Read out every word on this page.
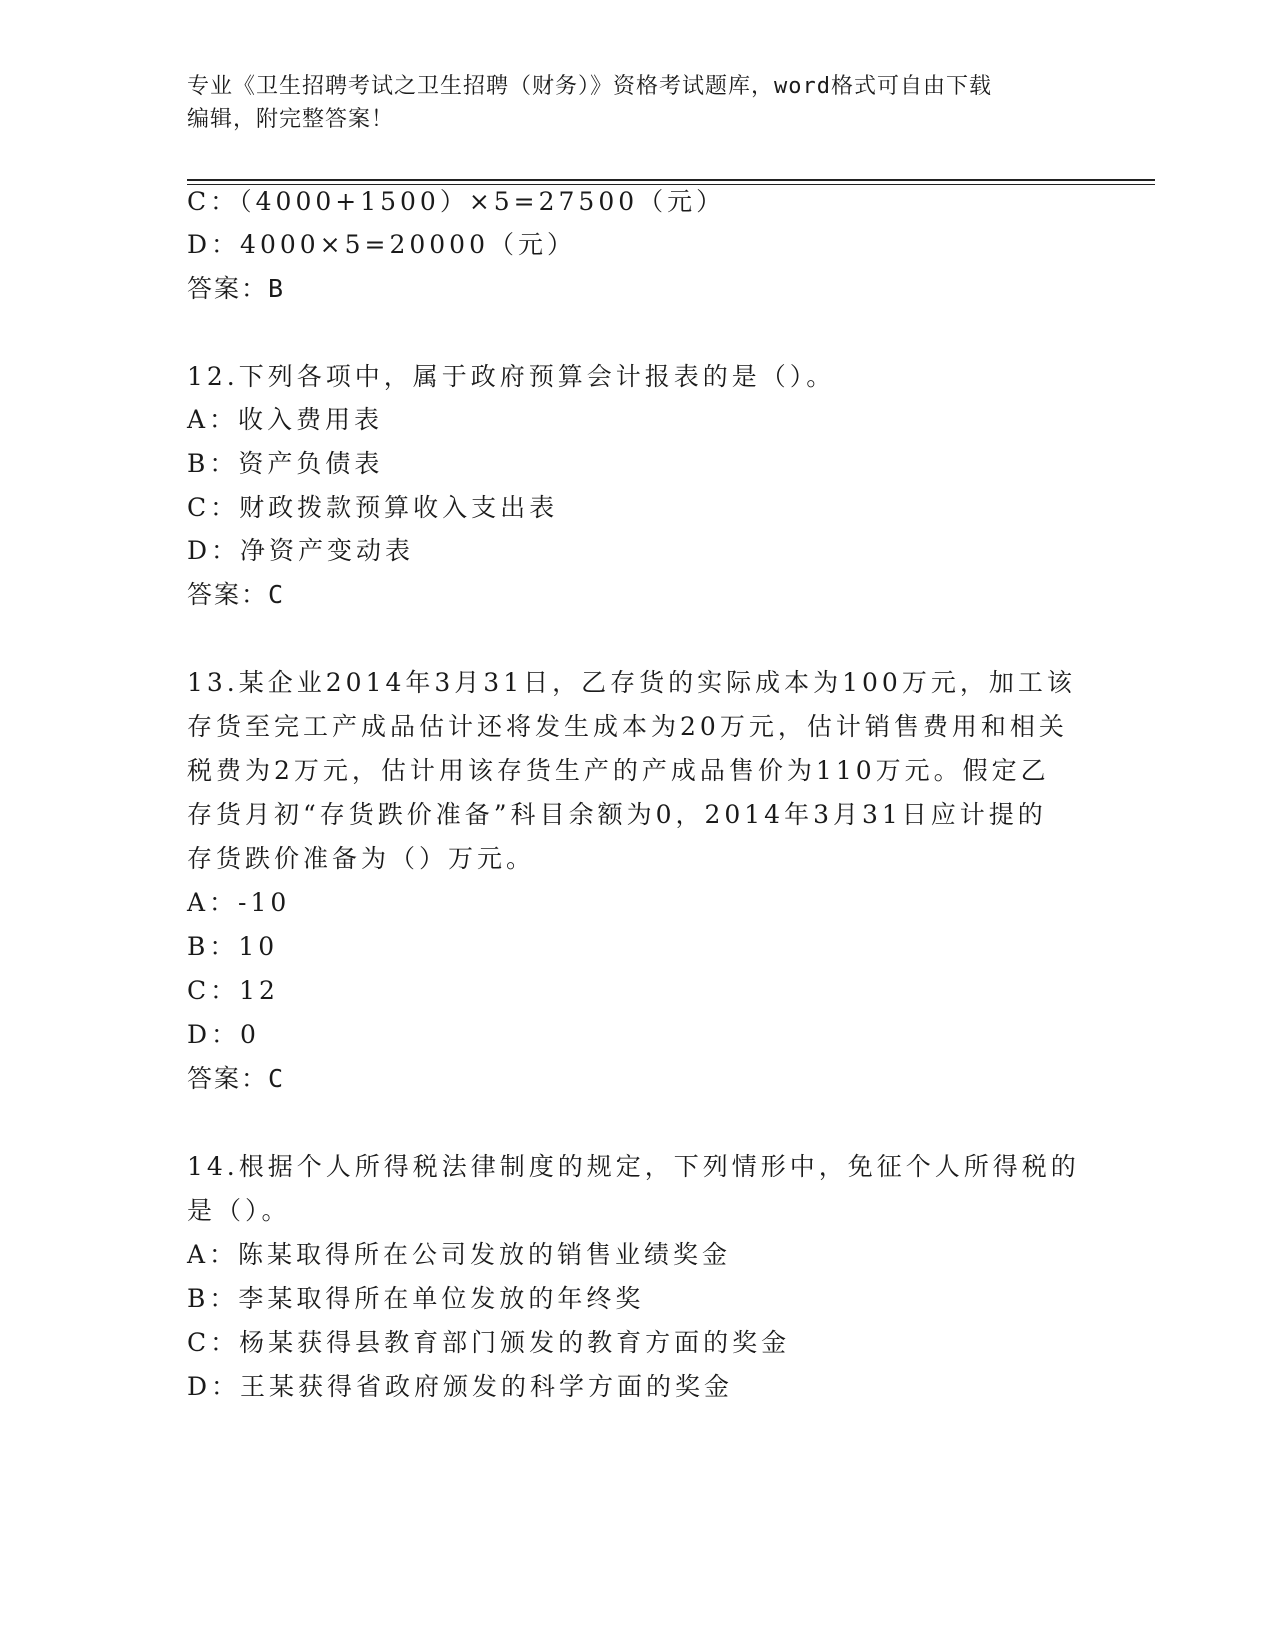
专业《卫生招聘考试之卫生招聘（财务）》资格考试题库，word格式可自由下载
编辑，附完整答案！
C：（4000+1500）×5=27500（元）
D：4000×5=20000（元）
答案：B
12.下列各项中，属于政府预算会计报表的是（）。
A：收入费用表
B：资产负债表
C：财政拨款预算收入支出表
D：净资产变动表
答案：C
13.某企业2014年3月31日，乙存货的实际成本为100万元，加工该
存货至完工产成品估计还将发生成本为20万元，估计销售费用和相关
税费为2万元，估计用该存货生产的产成品售价为110万元。假定乙
存货月初“存货跌价准备”科目余额为0，2014年3月31日应计提的
存货跌价准备为（）万元。
A：-10
B：10
C：12
D：0
答案：C
14.根据个人所得税法律制度的规定，下列情形中，免征个人所得税的
是（）。
A：陈某取得所在公司发放的销售业绩奖金
B：李某取得所在单位发放的年终奖
C：杨某获得县教育部门颁发的教育方面的奖金
D：王某获得省政府颁发的科学方面的奖金
